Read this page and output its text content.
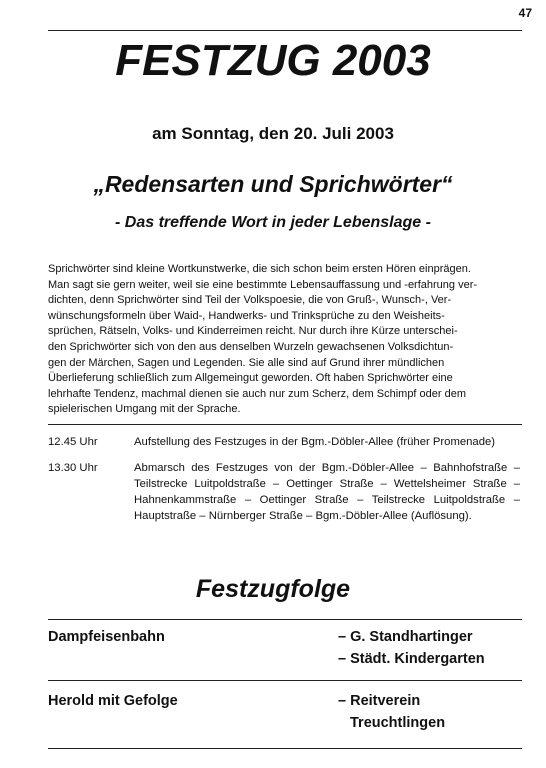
47
FESTZUG 2003
am Sonntag, den 20. Juli 2003
„Redensarten und Sprichwörter“
- Das treffende Wort in jeder Lebenslage -
Sprichwörter sind kleine Wortkunstwerke, die sich schon beim ersten Hören einprägen.
Man sagt sie gern weiter, weil sie eine bestimmte Lebensauffassung und -erfahrung ver-
dichten, denn Sprichwörter sind Teil der Volkspoesie, die von Gruß-, Wunsch-, Ver-
wünschungsformeln über Waid-, Handwerks- und Trinksprüche zu den Weisheits-
sprüchen, Rätseln, Volks- und Kinderreimen reicht. Nur durch ihre Kürze unterschei-
den Sprichwörter sich von den aus denselben Wurzeln gewachsenen Volksdichtun-
gen der Märchen, Sagen und Legenden. Sie alle sind auf Grund ihrer mündlichen
Überlieferung schließlich zum Allgemeingut geworden. Oft haben Sprichwörter eine
lehrhafte Tendenz, machmal dienen sie auch nur zum Scherz, dem Schimpf oder dem
spielerischen Umgang mit der Sprache.
12.45 Uhr	Aufstellung des Festzuges in der Bgm.-Döbler-Allee (früher Promenade)
13.30 Uhr	Abmarsch des Festzuges von der Bgm.-Döbler-Allee – Bahnhofstraße – Teilstrecke Luitpoldstraße – Oettinger Straße – Wettelsheimer Straße – Hahnenkammstraße – Oettinger Straße – Teilstrecke Luitpoldstraße – Hauptstraße – Nürnberger Straße – Bgm.-Döbler-Allee (Auflösung).
Festzugfolge
Dampfeisenbahn	– G. Standhartinger
– Städt. Kindergarten
Herold mit Gefolge	– Reitverein
Treuchtlingen
